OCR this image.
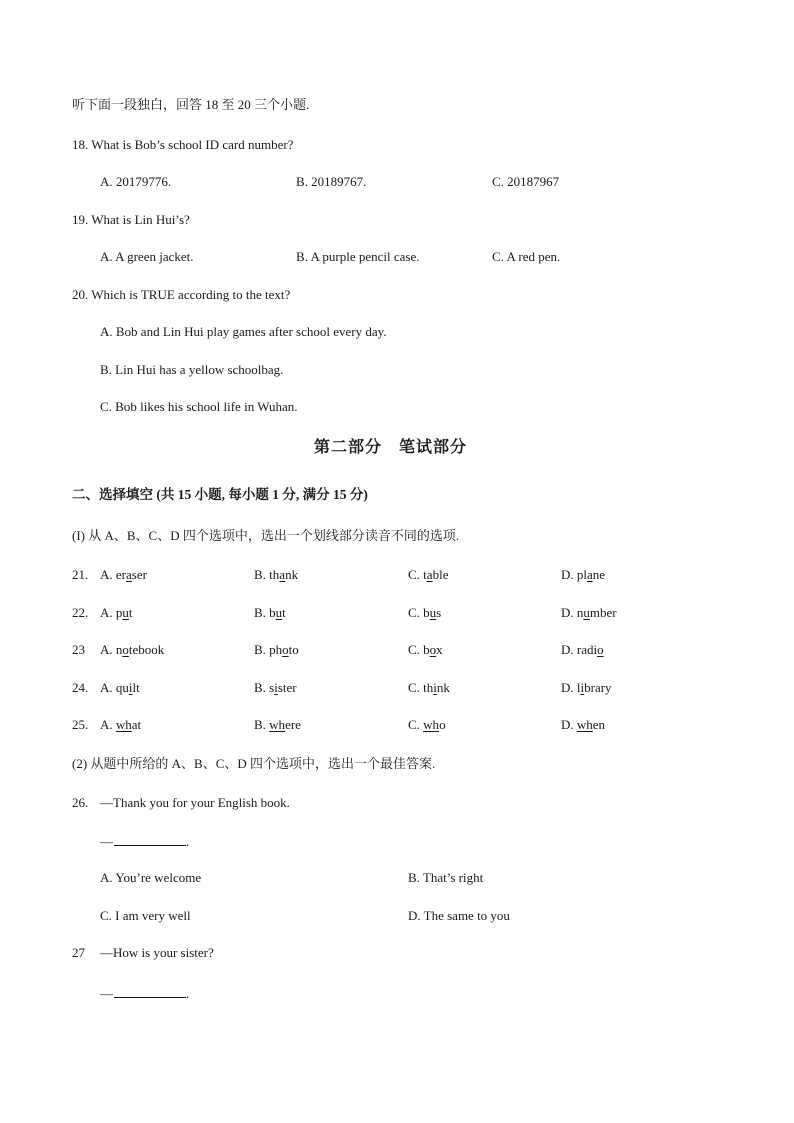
听下面一段独白，回答 18 至 20 三个小题.
18. What is Bob’s school ID card number?
A. 20179776.	B. 20189767.	C. 20187967
19. What is Lin Hui’s?
A. A green jacket.	B. A purple pencil case.	C. A red pen.
20. Which is TRUE according to the text?
A. Bob and Lin Hui play games after school every day.
B. Lin Hui has a yellow schoolbag.
C. Bob likes his school life in Wuhan.
第二部分　笔试部分
二、选择填空 (共 15 小题, 每小题 1 分, 满分 15 分)
(I) 从 A、B、C、D 四个选项中，选出一个划线部分读音不同的选项.
21. A. eraser	B. thank	C. table	D. plane
22. A. put	B. but	C. bus	D. number
23 A. notebook	B. photo	C. box	D. radio
24. A. quilt	B. sister	C. think	D. library
25. A. what	B. where	C. who	D. when
(2) 从题中所给的 A、B、C、D 四个选项中，选出一个最佳答案.
26. —Thank you for your English book.
—	.
A. You’re welcome	B. That’s right
C. I am very well	D. The same to you
27 —How is your sister?
—	.
